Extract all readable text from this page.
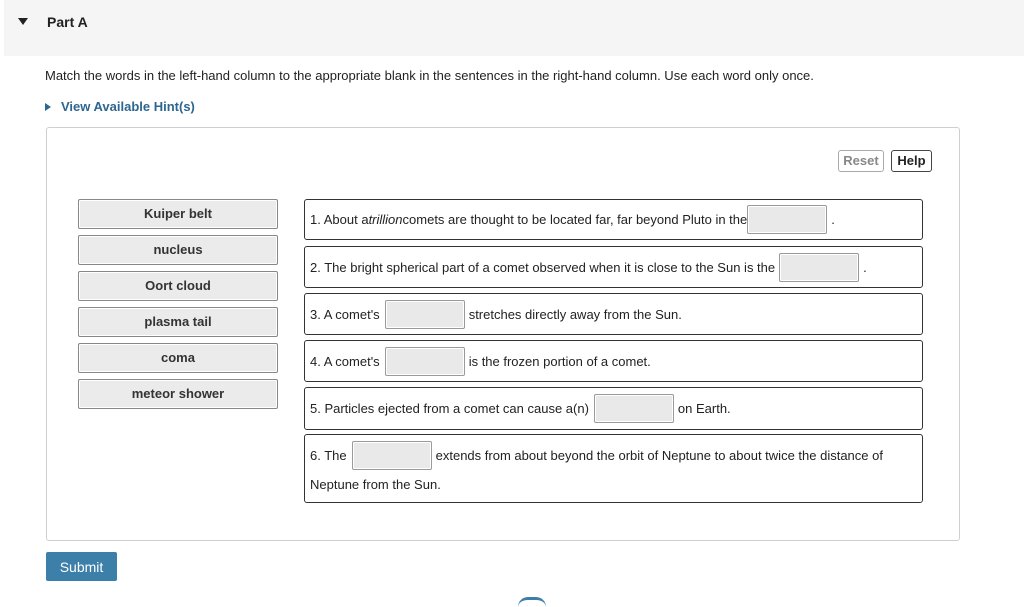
Part A
Match the words in the left-hand column to the appropriate blank in the sentences in the right-hand column. Use each word only once.
View Available Hint(s)
Reset	Help
Kuiper belt
nucleus
Oort cloud
plasma tail
coma
meteor shower
1. About a trillion comets are thought to be located far, far beyond Pluto in the	.
2. The bright spherical part of a comet observed when it is close to the Sun is the	.
3. A comet's	stretches directly away from the Sun.
4. A comet's	is the frozen portion of a comet.
5. Particles ejected from a comet can cause a(n)	on Earth.
6. The	extends from about beyond the orbit of Neptune to about twice the distance of
Neptune from the Sun.
Submit
